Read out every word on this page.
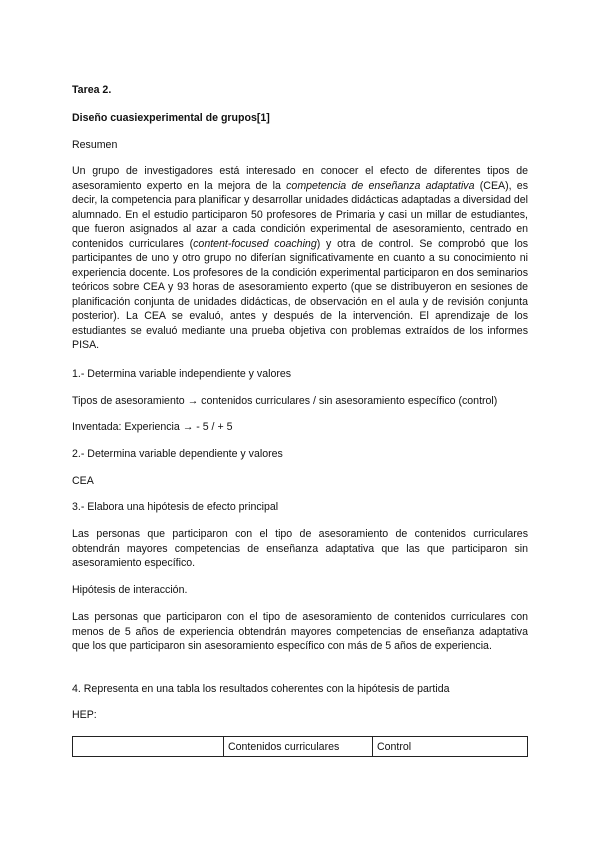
Tarea 2.

Diseño cuasiexperimental de grupos[1]

Resumen

Un grupo de investigadores está interesado en conocer el efecto de diferentes tipos de asesoramiento experto en la mejora de la competencia de enseñanza adaptativa (CEA), es decir, la competencia para planificar y desarrollar unidades didácticas adaptadas a diversidad del alumnado. En el estudio participaron 50 profesores de Primaria y casi un millar de estudiantes, que fueron asignados al azar a cada condición experimental de asesoramiento, centrado en contenidos curriculares (content-focused coaching) y otra de control. Se comprobó que los participantes de uno y otro grupo no diferían significativamente en cuanto a su conocimiento ni experiencia docente. Los profesores de la condición experimental participaron en dos seminarios teóricos sobre CEA y 93 horas de asesoramiento experto (que se distribuyeron en sesiones de planificación conjunta de unidades didácticas, de observación en el aula y de revisión conjunta posterior). La CEA se evaluó, antes y después de la intervención. El aprendizaje de los estudiantes se evaluó mediante una prueba objetiva con problemas extraídos de los informes PISA.

1.- Determina variable independiente y valores

Tipos de asesoramiento → contenidos curriculares / sin asesoramiento específico (control)

Inventada: Experiencia → - 5 / + 5

2.- Determina variable dependiente y valores

CEA

3.- Elabora una hipótesis de efecto principal

Las personas que participaron con el tipo de asesoramiento de contenidos curriculares obtendrán mayores competencias de enseñanza adaptativa que las que participaron sin asesoramiento específico.

Hipótesis de interacción.

Las personas que participaron con el tipo de asesoramiento de contenidos curriculares con menos de 5 años de experiencia obtendrán mayores competencias de enseñanza adaptativa que los que participaron sin asesoramiento específico con más de 5 años de experiencia.

4. Representa en una tabla los resultados coherentes con la hipótesis de partida

HEP:

	Contenidos curriculares	Control
